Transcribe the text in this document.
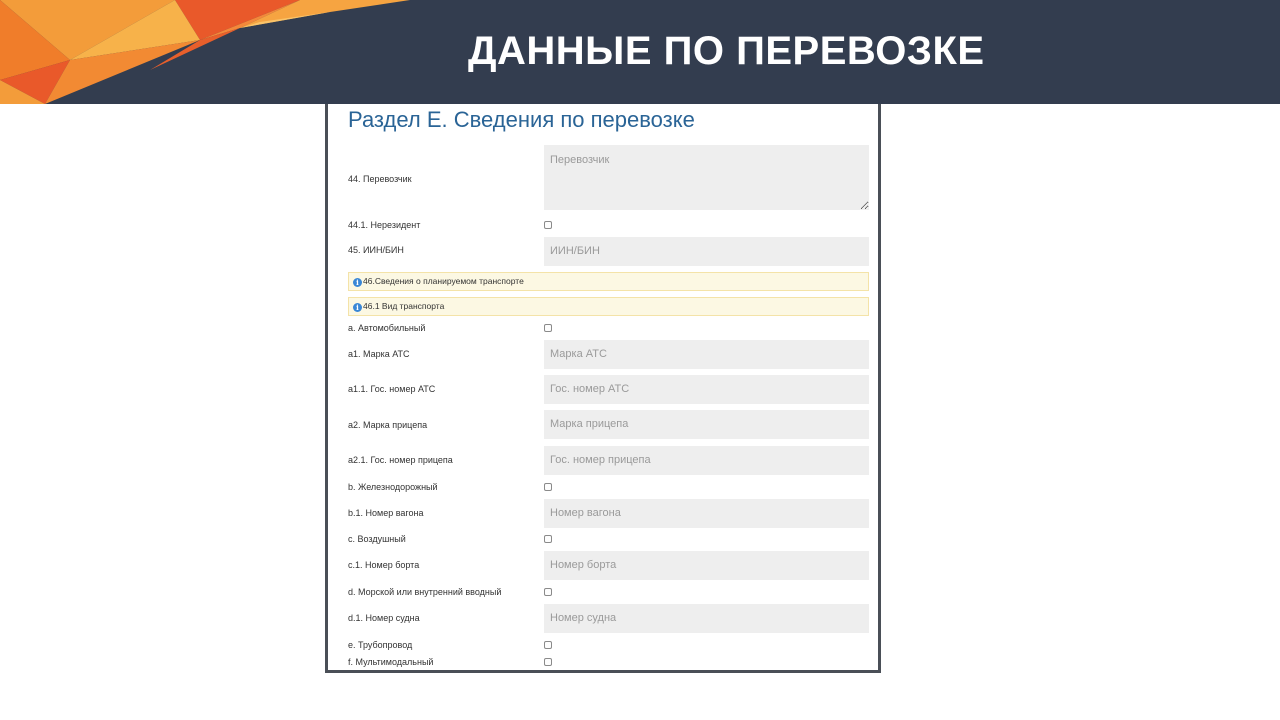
ДАННЫЕ ПО ПЕРЕВОЗКЕ
Раздел Е. Сведения по перевозке
44. Перевозчик
Перевозчик
44.1. Нерезидент
45. ИИН/БИН
ИИН/БИН
i 46.Сведения о планируемом транспорте
i 46.1 Вид транспорта
a. Автомобильный
a1. Марка АТС
Марка АТС
a1.1. Гос. номер АТС
Гос. номер АТС
a2. Марка прицепа
Марка прицепа
a2.1. Гос. номер прицепа
Гос. номер прицепа
b. Железнодорожный
b.1. Номер вагона
Номер вагона
c. Воздушный
c.1. Номер борта
Номер борта
d. Морской или внутренний вводный
d.1. Номер судна
Номер судна
e. Трубопровод
f. Мультимодальный
